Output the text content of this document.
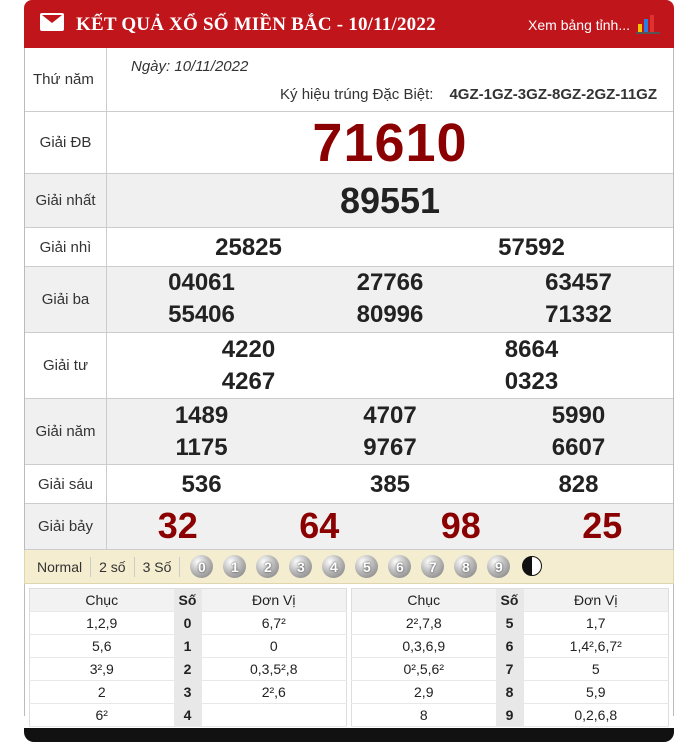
KẾT QUẢ XỔ SỐ MIỀN BẮC - 10/11/2022	Xem bảng tỉnh...
Thứ năm
Ngày: 10/11/2022
Ký hiệu trúng Đặc Biệt: 4GZ-1GZ-3GZ-8GZ-2GZ-11GZ
Giải ĐB	71610
Giải nhất	89551
Giải nhì	25825	57592
Giải ba
04061	27766	63457
55406	80996	71332
Giải tư
4220	8664
4267	0323
Giải năm
1489	4707	5990
1175	9767	6607
Giải sáu	536	385	828
Giải bảy	32	64	98	25
Normal	2 số	3 Số	0	1	2	3	4	5	6	7	8	9
Chục	Số	Đơn Vị
1,2,9	0	6,7²
5,6	1	0
3²,9	2	0,3,5²,8
2	3	2²,6
6²	4	
Chục	Số	Đơn Vị
2²,7,8	5	1,7
0,3,6,9	6	1,4²,6,7²
0²,5,6²	7	5
2,9	8	5,9
8	9	0,2,6,8
